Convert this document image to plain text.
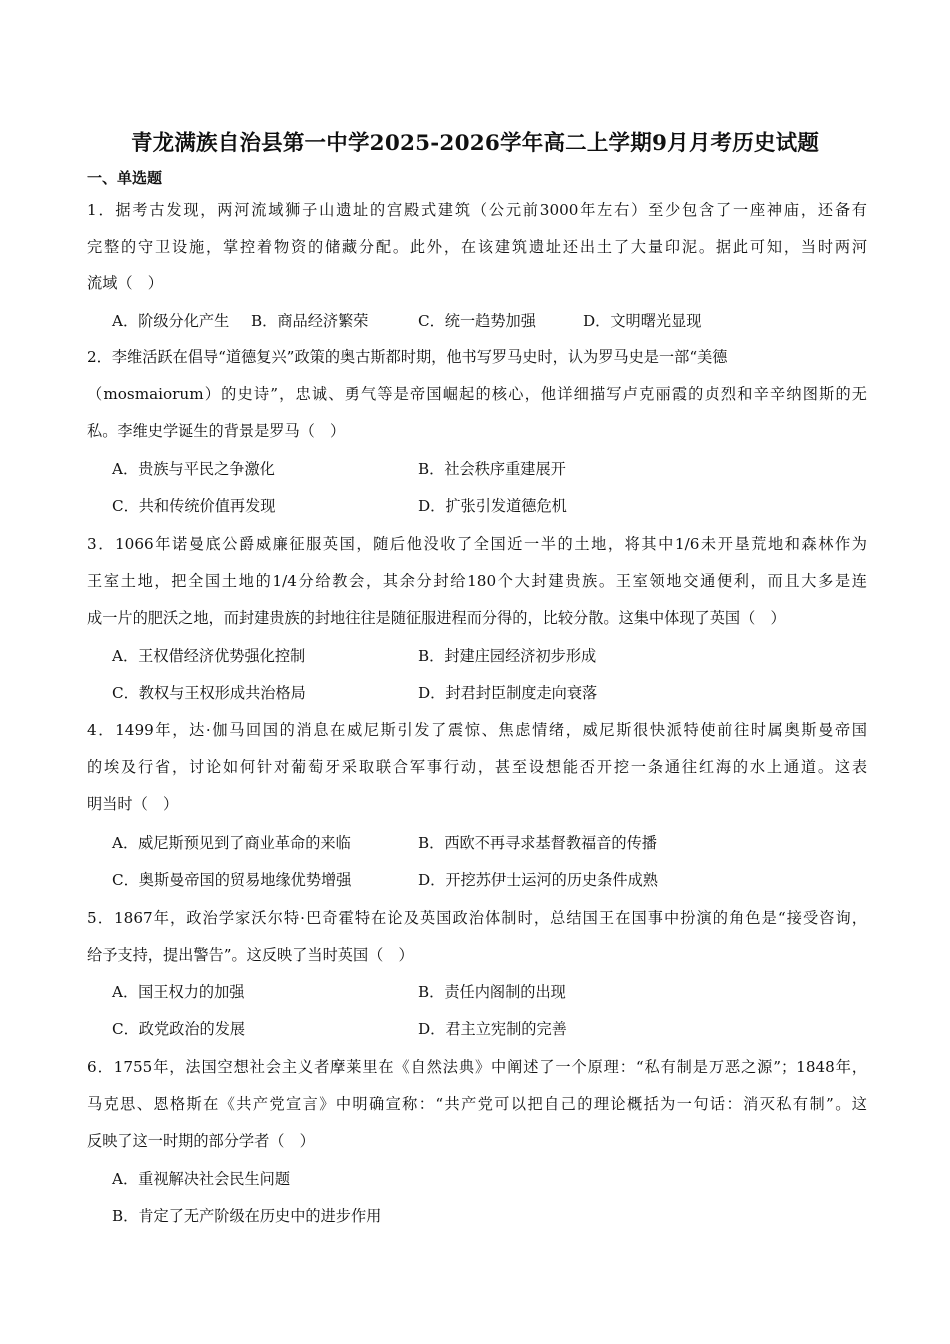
青龙满族自治县第一中学2025-2026学年高二上学期9月月考历史试题
一、单选题
1．据考古发现，两河流域狮子山遗址的宫殿式建筑（公元前3000年左右）至少包含了一座神庙，还备有
完整的守卫设施，掌控着物资的储藏分配。此外，在该建筑遗址还出土了大量印泥。据此可知，当时两河
流域（　）
A．阶级分化产生 B．商品经济繁荣	C．统一趋势加强	D．文明曙光显现
2．李维活跃在倡导“道德复兴”政策的奥古斯都时期，他书写罗马史时，认为罗马史是一部“美德
（mosmaiorum）的史诗”，忠诚、勇气等是帝国崛起的核心，他详细描写卢克丽霞的贞烈和辛辛纳图斯的无
私。李维史学诞生的背景是罗马（　）
A．贵族与平民之争激化	B．社会秩序重建展开
C．共和传统价值再发现	D．扩张引发道德危机
3．1066年诺曼底公爵威廉征服英国，随后他没收了全国近一半的土地，将其中1/6未开垦荒地和森林作为
王室土地，把全国土地的1/4分给教会，其余分封给180个大封建贵族。王室领地交通便利，而且大多是连
成一片的肥沃之地，而封建贵族的封地往往是随征服进程而分得的，比较分散。这集中体现了英国（　）
A．王权借经济优势强化控制	B．封建庄园经济初步形成
C．教权与王权形成共治格局	D．封君封臣制度走向衰落
4．1499年，达·伽马回国的消息在威尼斯引发了震惊、焦虑情绪，威尼斯很快派特使前往时属奥斯曼帝国
的埃及行省，讨论如何针对葡萄牙采取联合军事行动，甚至设想能否开挖一条通往红海的水上通道。这表
明当时（　）
A．威尼斯预见到了商业革命的来临	B．西欧不再寻求基督教福音的传播
C．奥斯曼帝国的贸易地缘优势增强	D．开挖苏伊士运河的历史条件成熟
5．1867年，政治学家沃尔特·巴奇霍特在论及英国政治体制时，总结国王在国事中扮演的角色是“接受咨询，
给予支持，提出警告”。这反映了当时英国（　）
A．国王权力的加强	B．责任内阁制的出现
C．政党政治的发展	D．君主立宪制的完善
6．1755年，法国空想社会主义者摩莱里在《自然法典》中阐述了一个原理：“私有制是万恶之源”；1848年，
马克思、恩格斯在《共产党宣言》中明确宣称：“共产党可以把自己的理论概括为一句话：消灭私有制”。这
反映了这一时期的部分学者（　）
A．重视解决社会民生问题
B．肯定了无产阶级在历史中的进步作用
